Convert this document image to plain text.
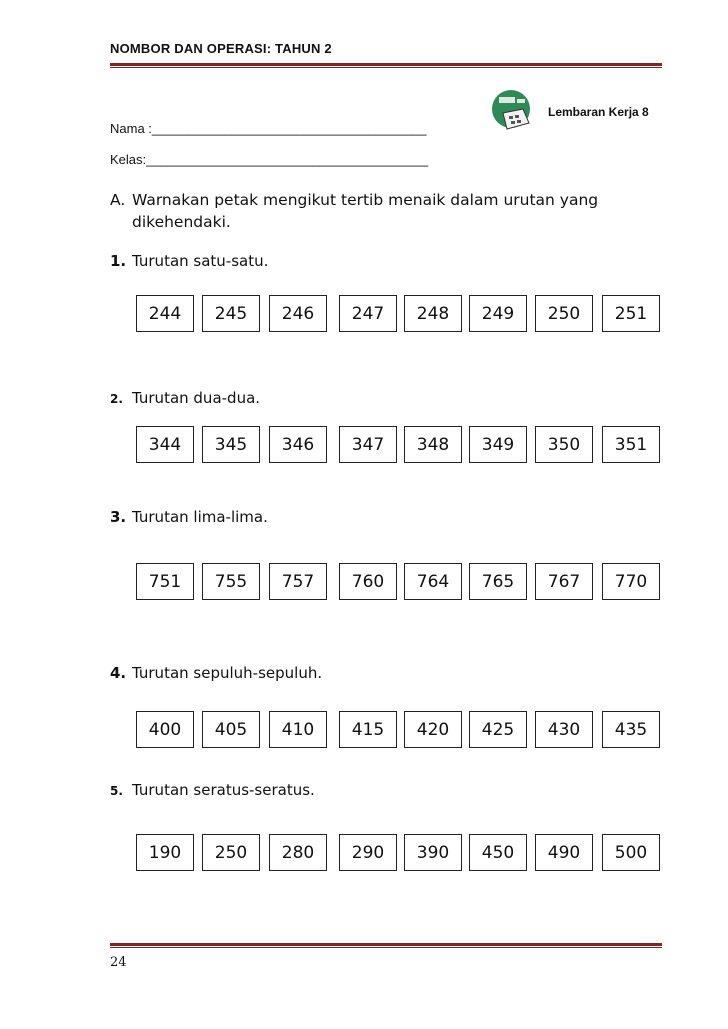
NOMBOR DAN OPERASI: TAHUN 2
Lembaran Kerja 8
Nama :______________________________________
Kelas:_______________________________________
A. Warnakan petak mengikut tertib menaik dalam urutan yang
dikehendaki.
1. Turutan satu-satu.
244	245	246	247	248	249	250	251
2. Turutan dua-dua.
344	345	346	347	348	349	350	351
3. Turutan lima-lima.
751	755	757	760	764	765	767	770
4. Turutan sepuluh-sepuluh.
400	405	410	415	420	425	430	435
5. Turutan seratus-seratus.
190	250	280	290	390	450	490	500
24
